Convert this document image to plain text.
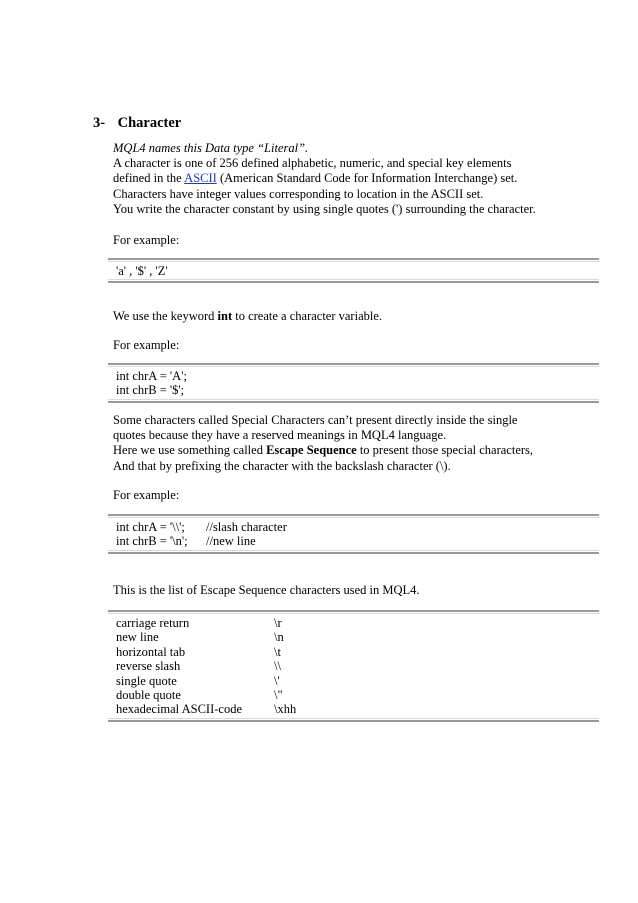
3- Character
MQL4 names this Data type “Literal”.
A character is one of 256 defined alphabetic, numeric, and special key elements
defined in the ASCII (American Standard Code for Information Interchange) set.
Characters have integer values corresponding to location in the ASCII set.
You write the character constant by using single quotes (') surrounding the character.
For example:
'a' , '$' , 'Z'
We use the keyword int to create a character variable.
For example:
int chrA = 'A';
int chrB = '$';
Some characters called Special Characters can’t present directly inside the single
quotes because they have a reserved meanings in MQL4 language.
Here we use something called Escape Sequence to present those special characters,
And that by prefixing the character with the backslash character (\).
For example:
int chrA = '\\';	//slash character
int chrB = '\n';	//new line
This is the list of Escape Sequence characters used in MQL4.
carriage return	\r
new line	\n
horizontal tab	\t
reverse slash	\\
single quote	\'
double quote	\"
hexadecimal ASCII-code	\xhh
